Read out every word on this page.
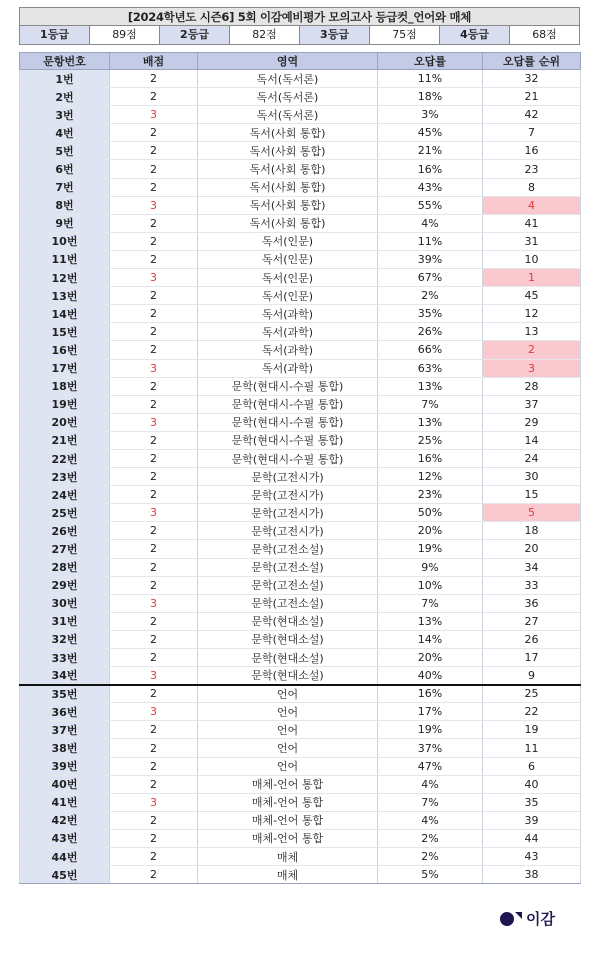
[2024학년도 시즌6] 5회 이감예비평가 모의고사 등급컷_언어와 매체
1등급	89점	2등급	82점	3등급	75점	4등급	68점
문항번호	배점	영역	오답률	오답률 순위
1번	2	독서(독서론)	11%	32
2번	2	독서(독서론)	18%	21
3번	3	독서(독서론)	3%	42
4번	2	독서(사회 통합)	45%	7
5번	2	독서(사회 통합)	21%	16
6번	2	독서(사회 통합)	16%	23
7번	2	독서(사회 통합)	43%	8
8번	3	독서(사회 통합)	55%	4
9번	2	독서(사회 통합)	4%	41
10번	2	독서(인문)	11%	31
11번	2	독서(인문)	39%	10
12번	3	독서(인문)	67%	1
13번	2	독서(인문)	2%	45
14번	2	독서(과학)	35%	12
15번	2	독서(과학)	26%	13
16번	2	독서(과학)	66%	2
17번	3	독서(과학)	63%	3
18번	2	문학(현대시-수필 통합)	13%	28
19번	2	문학(현대시-수필 통합)	7%	37
20번	3	문학(현대시-수필 통합)	13%	29
21번	2	문학(현대시-수필 통합)	25%	14
22번	2	문학(현대시-수필 통합)	16%	24
23번	2	문학(고전시가)	12%	30
24번	2	문학(고전시가)	23%	15
25번	3	문학(고전시가)	50%	5
26번	2	문학(고전시가)	20%	18
27번	2	문학(고전소설)	19%	20
28번	2	문학(고전소설)	9%	34
29번	2	문학(고전소설)	10%	33
30번	3	문학(고전소설)	7%	36
31번	2	문학(현대소설)	13%	27
32번	2	문학(현대소설)	14%	26
33번	2	문학(현대소설)	20%	17
34번	3	문학(현대소설)	40%	9
35번	2	언어	16%	25
36번	3	언어	17%	22
37번	2	언어	19%	19
38번	2	언어	37%	11
39번	2	언어	47%	6
40번	2	매체-언어 통합	4%	40
41번	3	매체-언어 통합	7%	35
42번	2	매체-언어 통합	4%	39
43번	2	매체-언어 통합	2%	44
44번	2	매체	2%	43
45번	2	매체	5%	38
이감
